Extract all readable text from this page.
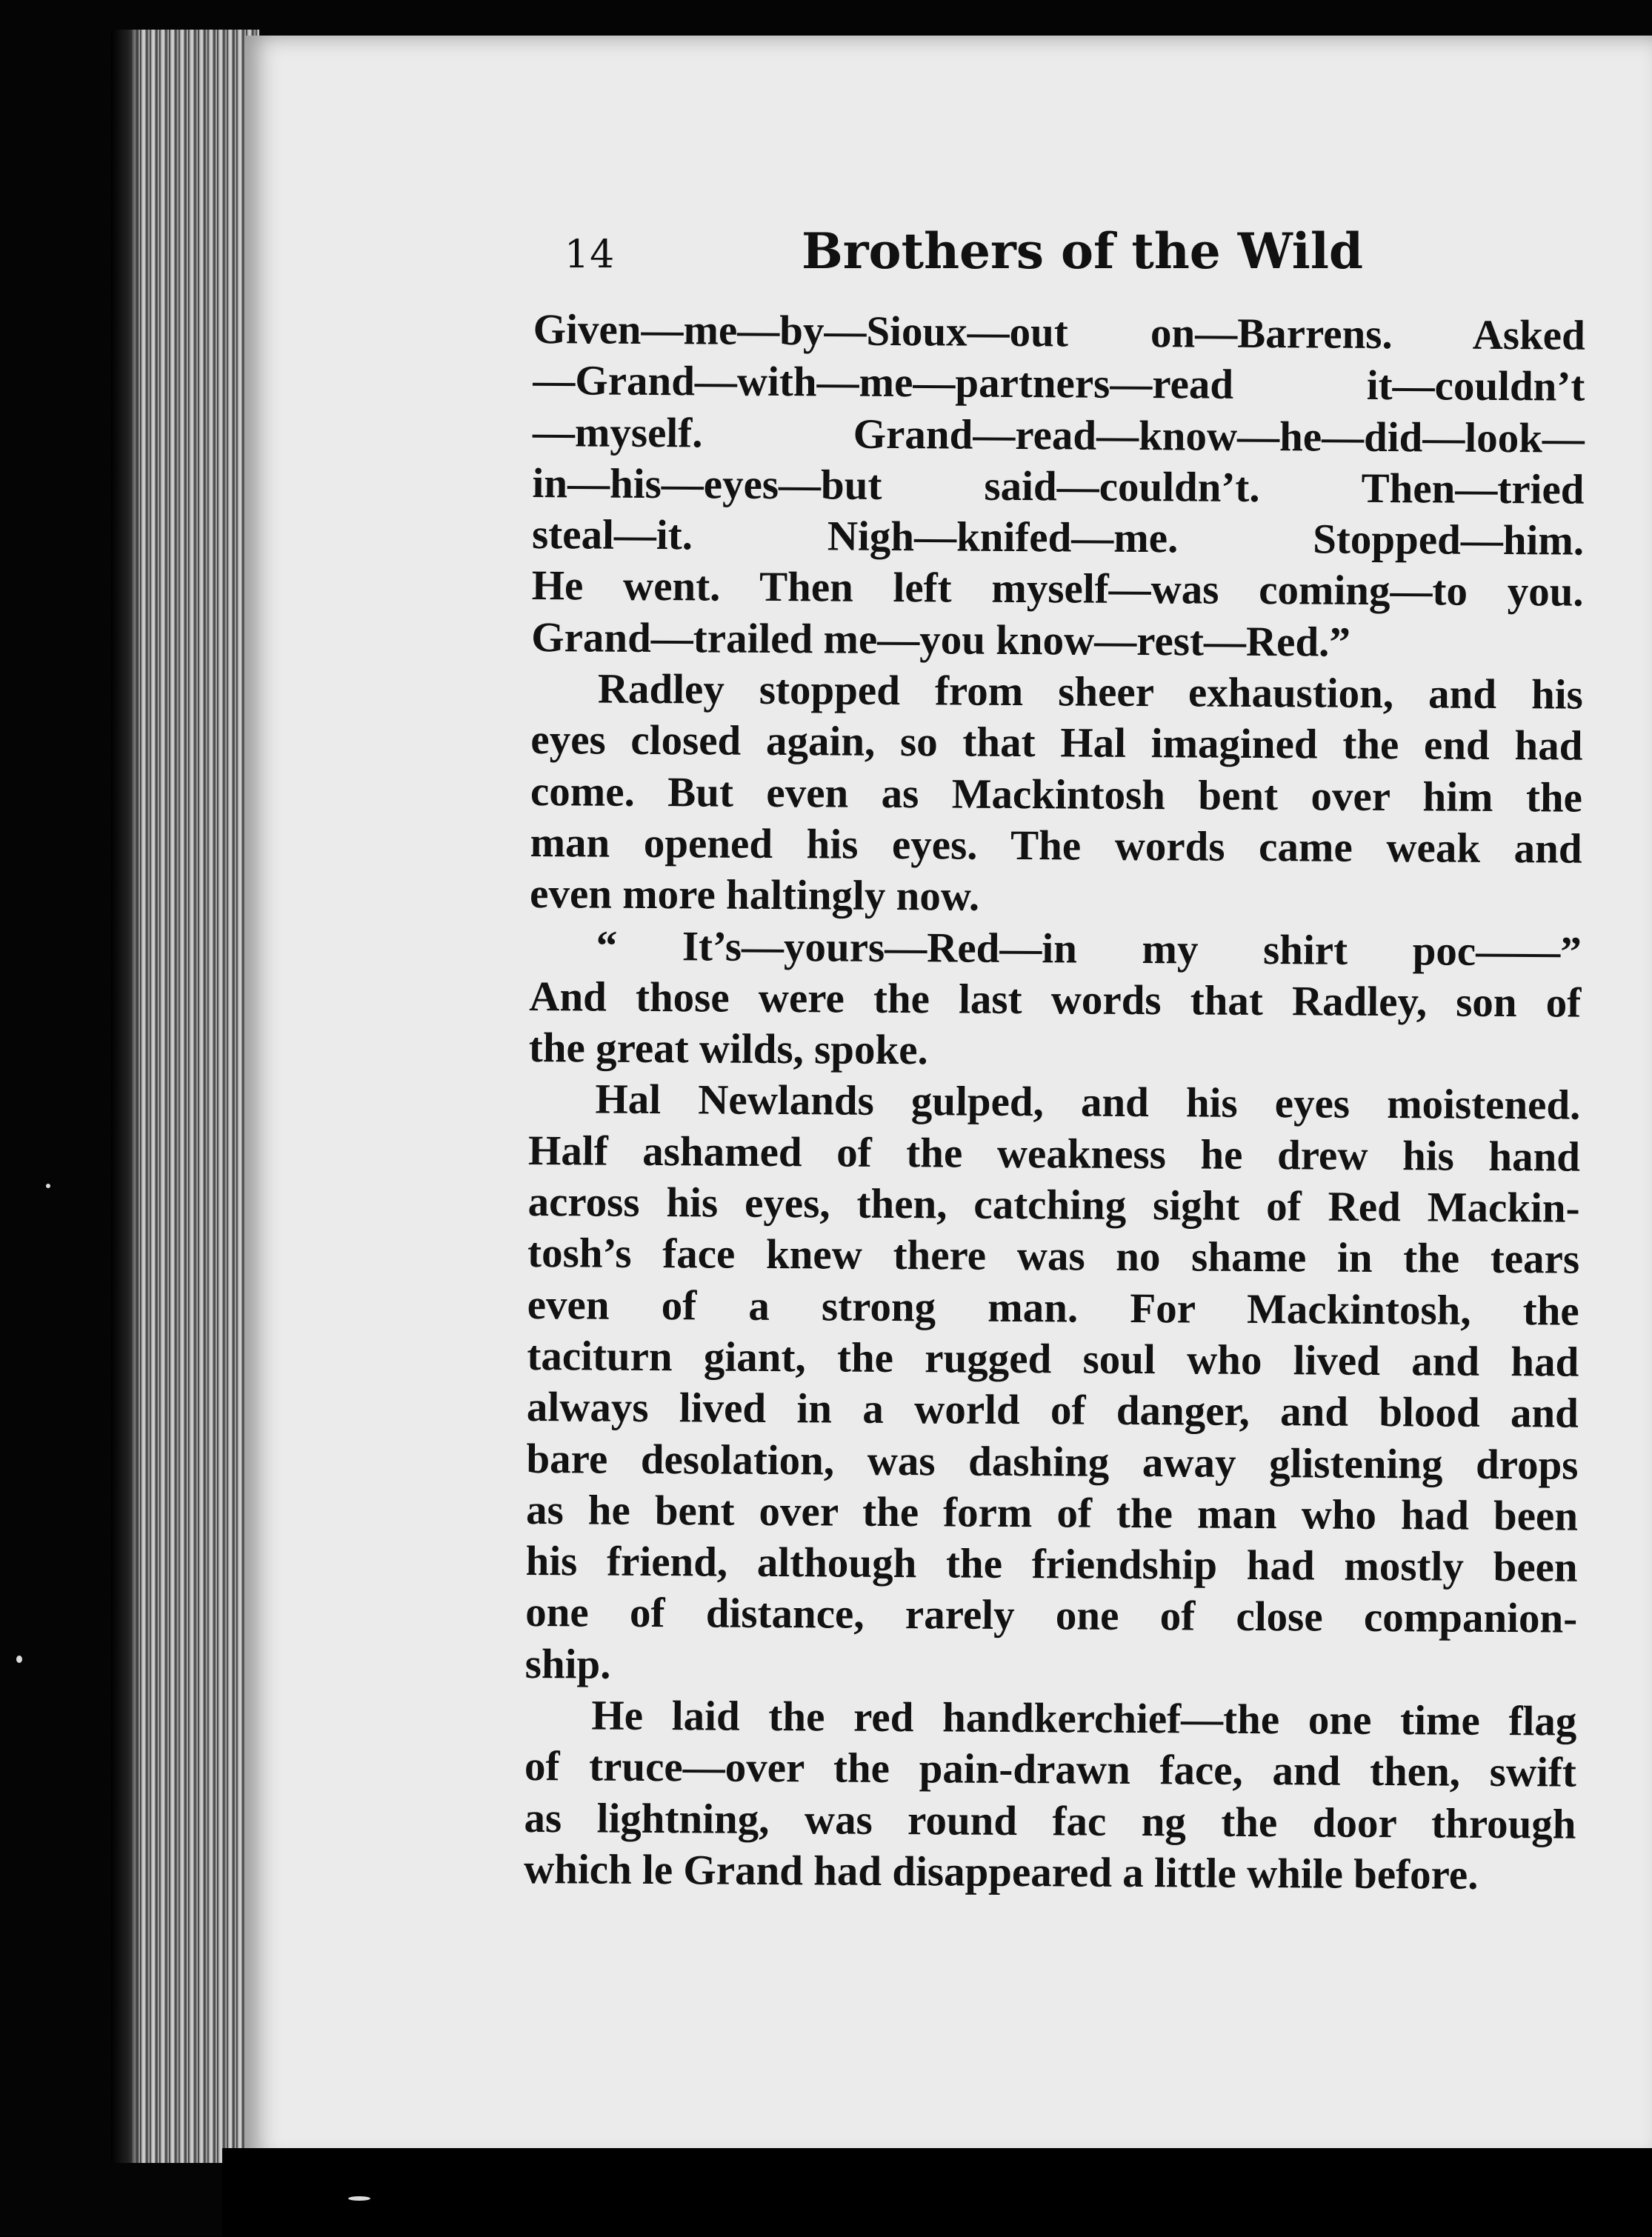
14	Brothers of the Wild
Given—me—by—Sioux—out on—Barrens. Asked
—Grand—with—me—partners—read it—couldn’t
—myself. Grand—read—know—he—did—look—
in—his—eyes—but said—couldn’t. Then—tried
steal—it. Nigh—knifed—me. Stopped—him.
He went. Then left myself—was coming—to you.
Grand—trailed me—you know—rest—Red.”
Radley stopped from sheer exhaustion, and his
eyes closed again, so that Hal imagined the end had
come. But even as Mackintosh bent over him the
man opened his eyes. The words came weak and
even more haltingly now.
“ It’s—yours—Red—in my shirt poc——”
And those were the last words that Radley, son of
the great wilds, spoke.
Hal Newlands gulped, and his eyes moistened.
Half ashamed of the weakness he drew his hand
across his eyes, then, catching sight of Red Mackin-
tosh’s face knew there was no shame in the tears
even of a strong man. For Mackintosh, the
taciturn giant, the rugged soul who lived and had
always lived in a world of danger, and blood and
bare desolation, was dashing away glistening drops
as he bent over the form of the man who had been
his friend, although the friendship had mostly been
one of distance, rarely one of close companion-
ship.
He laid the red handkerchief—the one time flag
of truce—over the pain-drawn face, and then, swift
as lightning, was round fac ng the door through
which le Grand had disappeared a little while before.
